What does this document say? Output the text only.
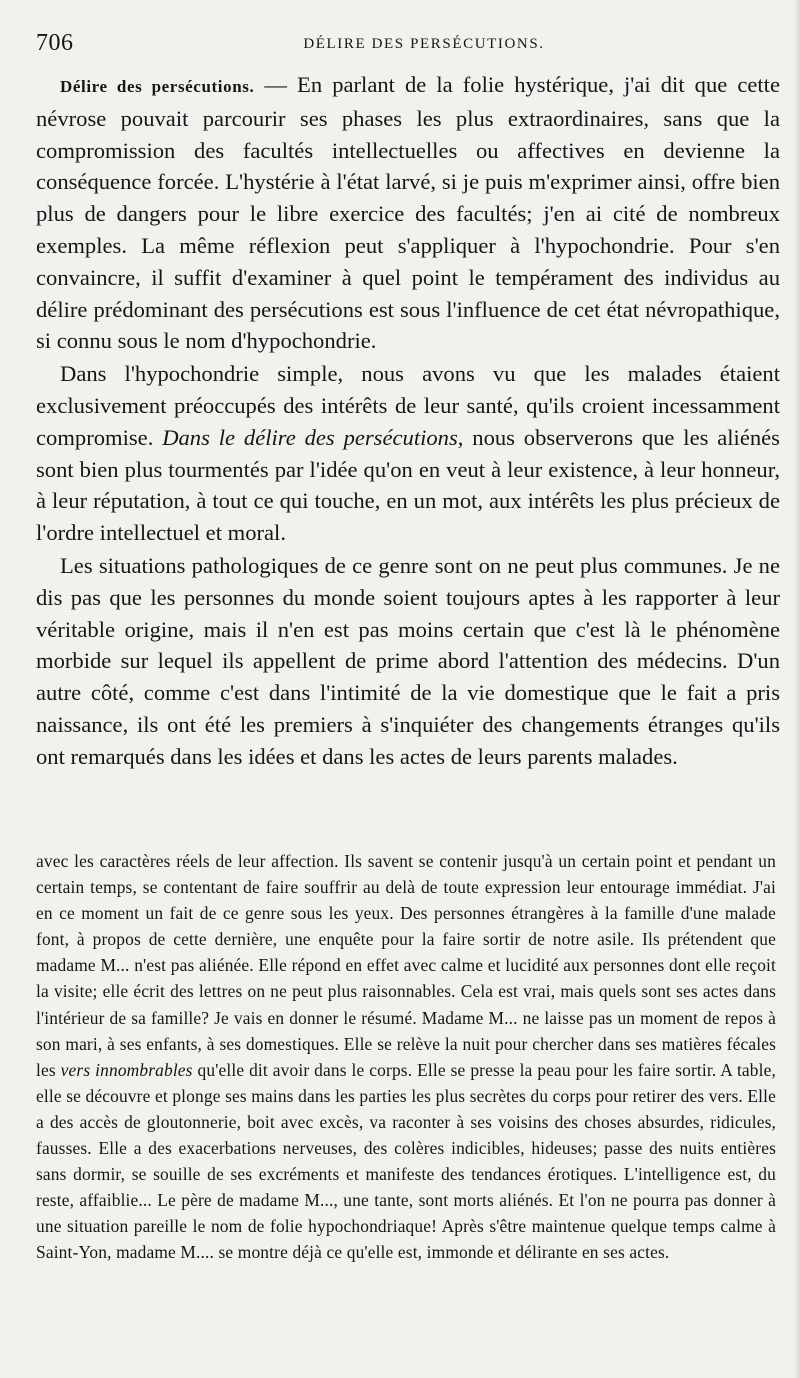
706	DÉLIRE DES PERSÉCUTIONS.

Délire des persécutions. — En parlant de la folie hystérique, j'ai dit que cette névrose pouvait parcourir ses phases les plus extraordinaires, sans que la compromission des facultés intellectuelles ou affectives en devienne la conséquence forcée. L'hystérie à l'état larvé, si je puis m'exprimer ainsi, offre bien plus de dangers pour le libre exercice des facultés; j'en ai cité de nombreux exemples. La même réflexion peut s'appliquer à l'hypochondrie. Pour s'en convaincre, il suffit d'examiner à quel point le tempérament des individus au délire prédominant des persécutions est sous l'influence de cet état névropathique, si connu sous le nom d'hypochondrie.

Dans l'hypochondrie simple, nous avons vu que les malades étaient exclusivement préoccupés des intérêts de leur santé, qu'ils croient incessamment compromise. Dans le délire des persécutions, nous observerons que les aliénés sont bien plus tourmentés par l'idée qu'on en veut à leur existence, à leur honneur, à leur réputation, à tout ce qui touche, en un mot, aux intérêts les plus précieux de l'ordre intellectuel et moral.

Les situations pathologiques de ce genre sont on ne peut plus communes. Je ne dis pas que les personnes du monde soient toujours aptes à les rapporter à leur véritable origine, mais il n'en est pas moins certain que c'est là le phénomène morbide sur lequel ils appellent de prime abord l'attention des médecins. D'un autre côté, comme c'est dans l'intimité de la vie domestique que le fait a pris naissance, ils ont été les premiers à s'inquiéter des changements étranges qu'ils ont remarqués dans les idées et dans les actes de leurs parents malades.

avec les caractères réels de leur affection. Ils savent se contenir jusqu'à un certain point et pendant un certain temps, se contentant de faire souffrir au delà de toute expression leur entourage immédiat. J'ai en ce moment un fait de ce genre sous les yeux. Des personnes étrangères à la famille d'une malade font, à propos de cette dernière, une enquête pour la faire sortir de notre asile. Ils prétendent que madame M... n'est pas aliénée. Elle répond en effet avec calme et lucidité aux personnes dont elle reçoit la visite; elle écrit des lettres on ne peut plus raisonnables. Cela est vrai, mais quels sont ses actes dans l'intérieur de sa famille? Je vais en donner le résumé. Madame M... ne laisse pas un moment de repos à son mari, à ses enfants, à ses domestiques. Elle se relève la nuit pour chercher dans ses matières fécales les vers innombrables qu'elle dit avoir dans le corps. Elle se presse la peau pour les faire sortir. A table, elle se découvre et plonge ses mains dans les parties les plus secrètes du corps pour retirer des vers. Elle a des accès de gloutonnerie, boit avec excès, va raconter à ses voisins des choses absurdes, ridicules, fausses. Elle a des exacerbations nerveuses, des colères indicibles, hideuses; passe des nuits entières sans dormir, se souille de ses excréments et manifeste des tendances érotiques. L'intelligence est, du reste, affaiblie... Le père de madame M..., une tante, sont morts aliénés. Et l'on ne pourra pas donner à une situation pareille le nom de folie hypochondriaque! Après s'être maintenue quelque temps calme à Saint-Yon, madame M.... se montre déjà ce qu'elle est, immonde et délirante en ses actes.
